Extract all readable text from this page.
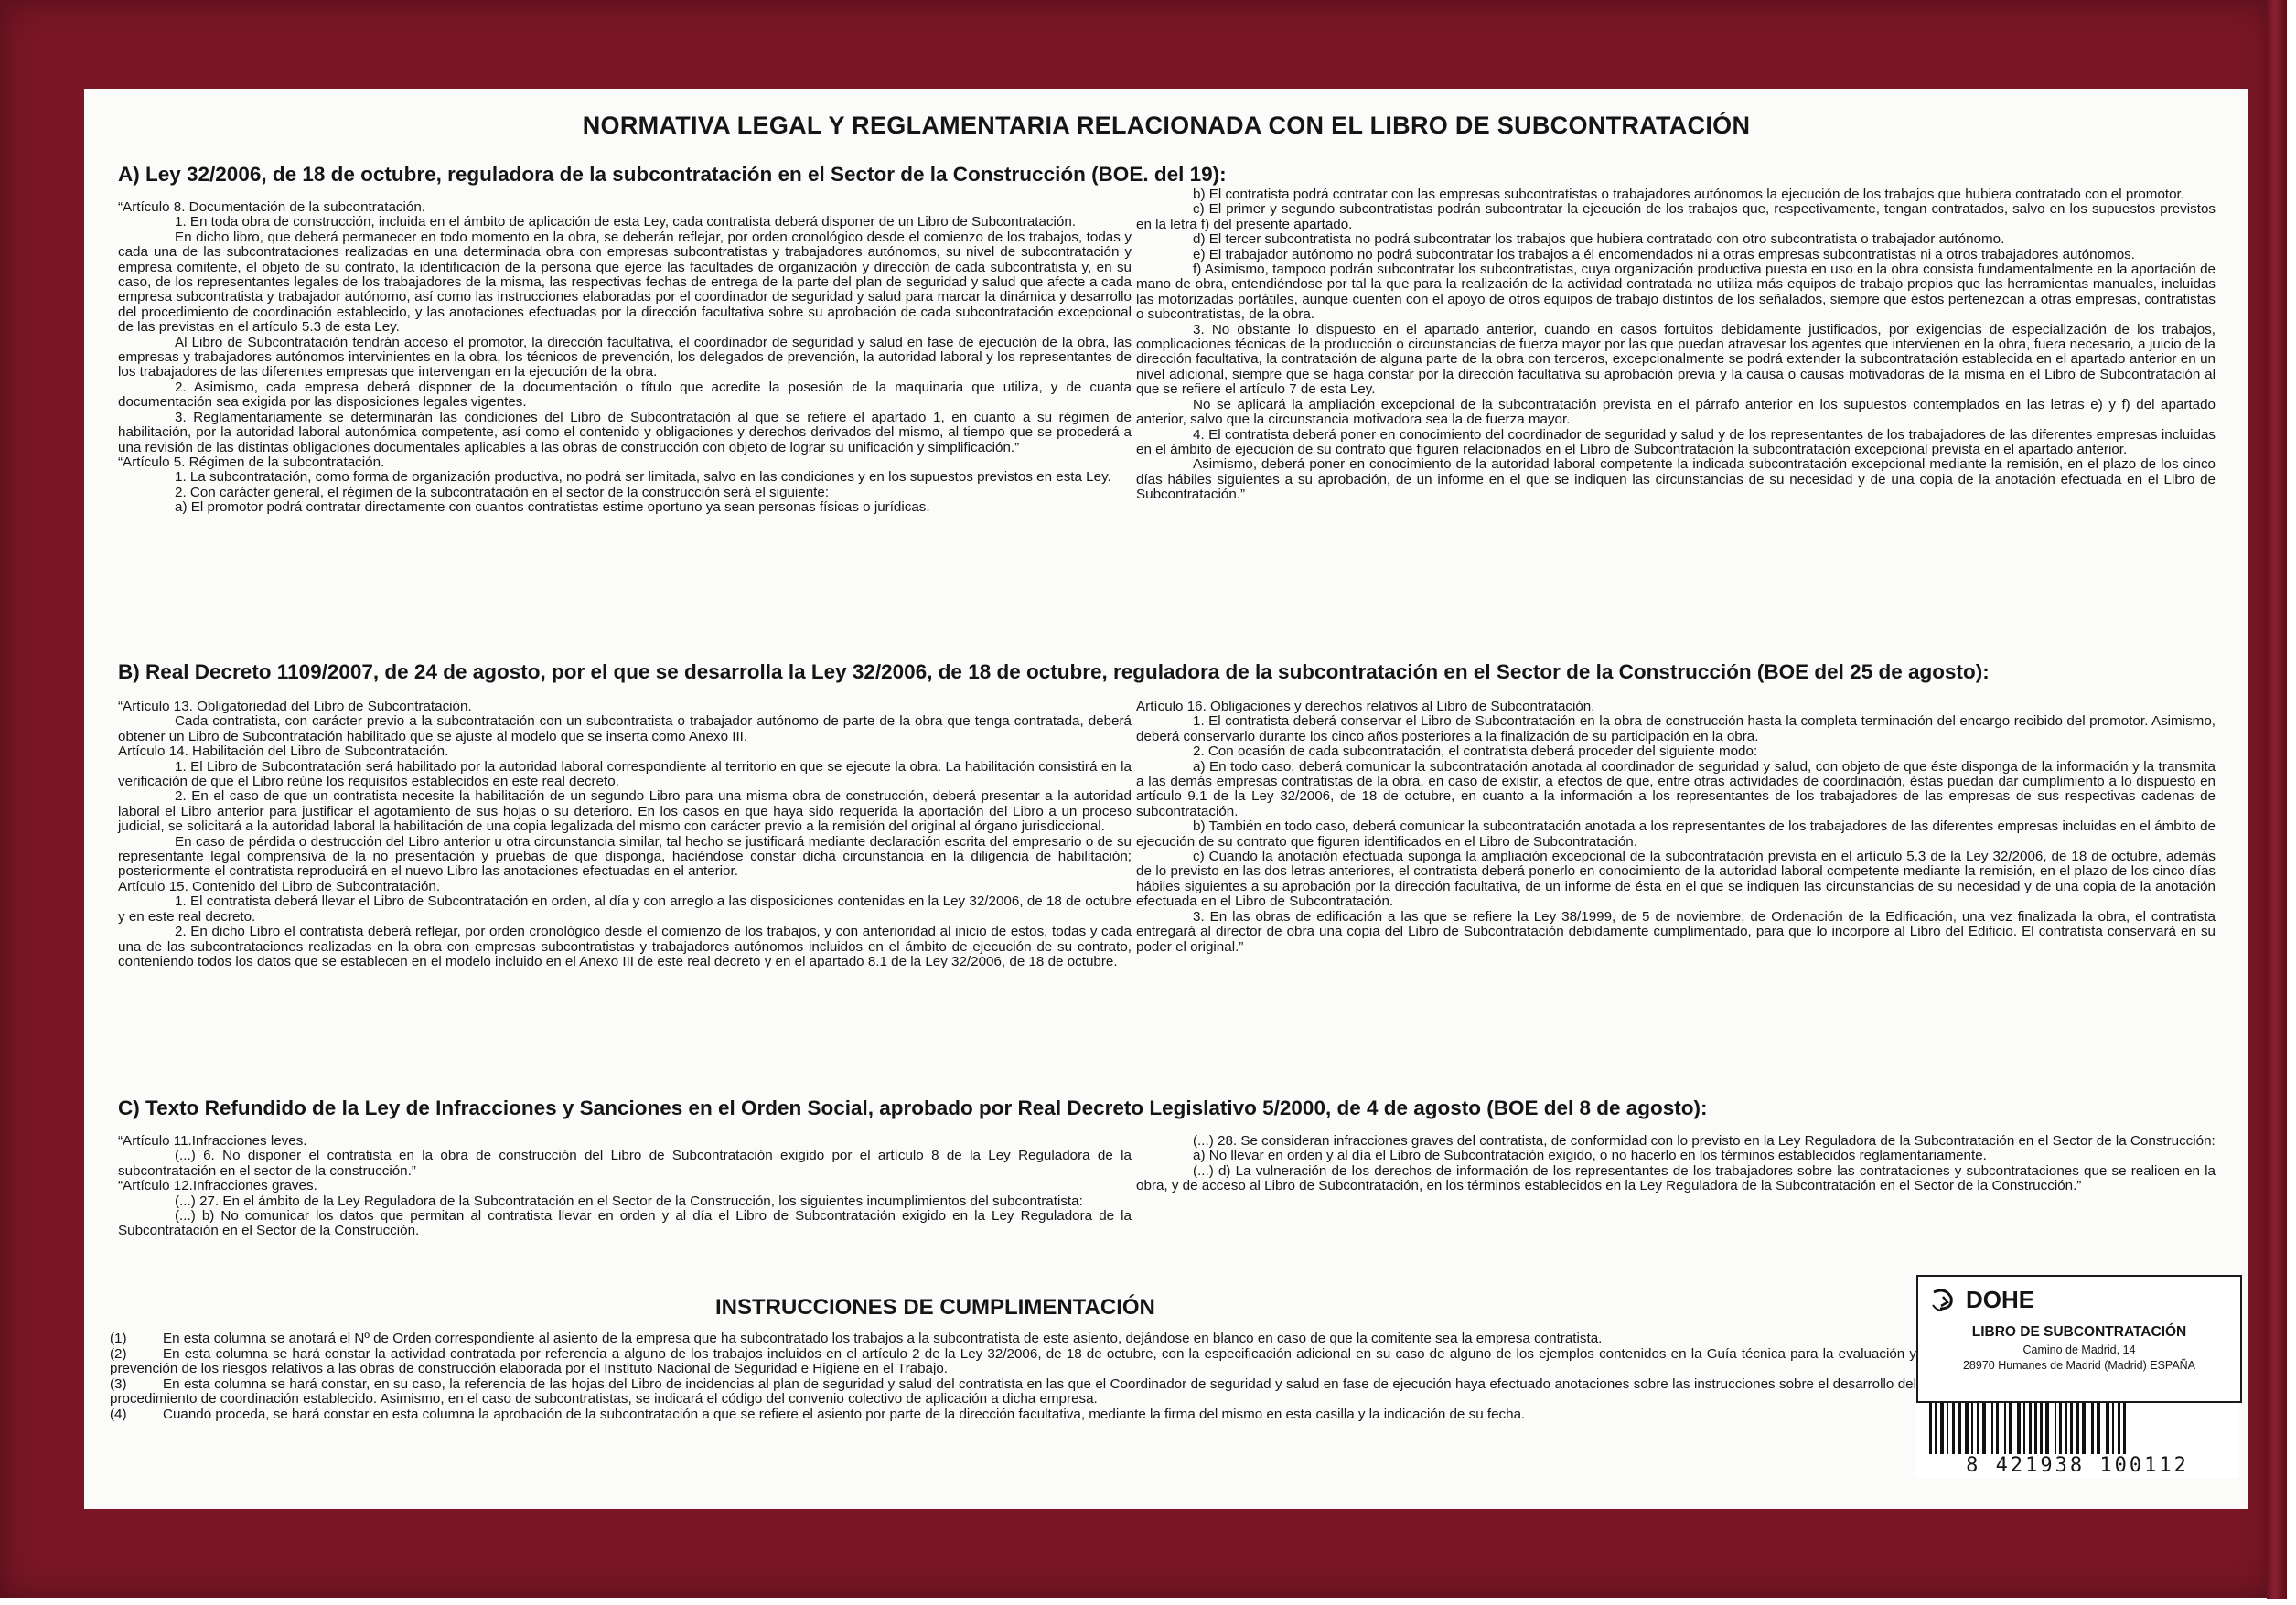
NORMATIVA LEGAL Y REGLAMENTARIA RELACIONADA CON EL LIBRO DE SUBCONTRATACIÓN
A) Ley 32/2006, de 18 de octubre, reguladora de la subcontratación en el Sector de la Construcción (BOE. del 19):

“Artículo 8. Documentación de la subcontratación.

1. En toda obra de construcción, incluida en el ámbito de aplicación de esta Ley, cada contratista deberá disponer de un Libro de Subcontratación.

En dicho libro, que deberá permanecer en todo momento en la obra, se deberán reflejar, por orden cronológico desde el comienzo de los trabajos, todas y cada una de las subcontrataciones realizadas en una determinada obra con empresas subcontratistas y trabajadores autónomos, su nivel de subcontratación y empresa comitente, el objeto de su contrato, la identificación de la persona que ejerce las facultades de organización y dirección de cada subcontratista y, en su caso, de los representantes legales de los trabajadores de la misma, las respectivas fechas de entrega de la parte del plan de seguridad y salud que afecte a cada empresa subcontratista y trabajador autónomo, así como las instrucciones elaboradas por el coordinador de seguridad y salud para marcar la dinámica y desarrollo del procedimiento de coordinación establecido, y las anotaciones efectuadas por la dirección facultativa sobre su aprobación de cada subcontratación excepcional de las previstas en el artículo 5.3 de esta Ley.

Al Libro de Subcontratación tendrán acceso el promotor, la dirección facultativa, el coordinador de seguridad y salud en fase de ejecución de la obra, las empresas y trabajadores autónomos intervinientes en la obra, los técnicos de prevención, los delegados de prevención, la autoridad laboral y los representantes de los trabajadores de las diferentes empresas que intervengan en la ejecución de la obra.

2. Asimismo, cada empresa deberá disponer de la documentación o título que acredite la posesión de la maquinaria que utiliza, y de cuanta documentación sea exigida por las disposiciones legales vigentes.

3. Reglamentariamente se determinarán las condiciones del Libro de Subcontratación al que se refiere el apartado 1, en cuanto a su régimen de habilitación, por la autoridad laboral autonómica competente, así como el contenido y obligaciones y derechos derivados del mismo, al tiempo que se procederá a una revisión de las distintas obligaciones documentales aplicables a las obras de construcción con objeto de lograr su unificación y simplificación.”

“Artículo 5. Régimen de la subcontratación.

1. La subcontratación, como forma de organización productiva, no podrá ser limitada, salvo en las condiciones y en los supuestos previstos en esta Ley.

2. Con carácter general, el régimen de la subcontratación en el sector de la construcción será el siguiente:

a) El promotor podrá contratar directamente con cuantos contratistas estime oportuno ya sean personas físicas o jurídicas.

b) El contratista podrá contratar con las empresas subcontratistas o trabajadores autónomos la ejecución de los trabajos que hubiera contratado con el promotor.

c) El primer y segundo subcontratistas podrán subcontratar la ejecución de los trabajos que, respectivamente, tengan contratados, salvo en los supuestos previstos en la letra f) del presente apartado.

d) El tercer subcontratista no podrá subcontratar los trabajos que hubiera contratado con otro subcontratista o trabajador autónomo.

e) El trabajador autónomo no podrá subcontratar los trabajos a él encomendados ni a otras empresas subcontratistas ni a otros trabajadores autónomos.

f) Asimismo, tampoco podrán subcontratar los subcontratistas, cuya organización productiva puesta en uso en la obra consista fundamentalmente en la aportación de mano de obra, entendiéndose por tal la que para la realización de la actividad contratada no utiliza más equipos de trabajo propios que las herramientas manuales, incluidas las motorizadas portátiles, aunque cuenten con el apoyo de otros equipos de trabajo distintos de los señalados, siempre que éstos pertenezcan a otras empresas, contratistas o subcontratistas, de la obra.

3. No obstante lo dispuesto en el apartado anterior, cuando en casos fortuitos debidamente justificados, por exigencias de especialización de los trabajos, complicaciones técnicas de la producción o circunstancias de fuerza mayor por las que puedan atravesar los agentes que intervienen en la obra, fuera necesario, a juicio de la dirección facultativa, la contratación de alguna parte de la obra con terceros, excepcionalmente se podrá extender la subcontratación establecida en el apartado anterior en un nivel adicional, siempre que se haga constar por la dirección facultativa su aprobación previa y la causa o causas motivadoras de la misma en el Libro de Subcontratación al que se refiere el artículo 7 de esta Ley.

No se aplicará la ampliación excepcional de la subcontratación prevista en el párrafo anterior en los supuestos contemplados en las letras e) y f) del apartado anterior, salvo que la circunstancia motivadora sea la de fuerza mayor.

4. El contratista deberá poner en conocimiento del coordinador de seguridad y salud y de los representantes de los trabajadores de las diferentes empresas incluidas en el ámbito de ejecución de su contrato que figuren relacionados en el Libro de Subcontratación la subcontratación excepcional prevista en el apartado anterior.

Asimismo, deberá poner en conocimiento de la autoridad laboral competente la indicada subcontratación excepcional mediante la remisión, en el plazo de los cinco días hábiles siguientes a su aprobación, de un informe en el que se indiquen las circunstancias de su necesidad y de una copia de la anotación efectuada en el Libro de Subcontratación.”

B) Real Decreto 1109/2007, de 24 de agosto, por el que se desarrolla la Ley 32/2006, de 18 de octubre, reguladora de la subcontratación en el Sector de la Construcción (BOE del 25 de agosto):

“Artículo 13. Obligatoriedad del Libro de Subcontratación.

Cada contratista, con carácter previo a la subcontratación con un subcontratista o trabajador autónomo de parte de la obra que tenga contratada, deberá obtener un Libro de Subcontratación habilitado que se ajuste al modelo que se inserta como Anexo III.

Artículo 14. Habilitación del Libro de Subcontratación.

1. El Libro de Subcontratación será habilitado por la autoridad laboral correspondiente al territorio en que se ejecute la obra. La habilitación consistirá en la verificación de que el Libro reúne los requisitos establecidos en este real decreto.

2. En el caso de que un contratista necesite la habilitación de un segundo Libro para una misma obra de construcción, deberá presentar a la autoridad laboral el Libro anterior para justificar el agotamiento de sus hojas o su deterioro. En los casos en que haya sido requerida la aportación del Libro a un proceso judicial, se solicitará a la autoridad laboral la habilitación de una copia legalizada del mismo con carácter previo a la remisión del original al órgano jurisdiccional.

En caso de pérdida o destrucción del Libro anterior u otra circunstancia similar, tal hecho se justificará mediante declaración escrita del empresario o de su representante legal comprensiva de la no presentación y pruebas de que disponga, haciéndose constar dicha circunstancia en la diligencia de habilitación; posteriormente el contratista reproducirá en el nuevo Libro las anotaciones efectuadas en el anterior.

Artículo 15. Contenido del Libro de Subcontratación.

1. El contratista deberá llevar el Libro de Subcontratación en orden, al día y con arreglo a las disposiciones contenidas en la Ley 32/2006, de 18 de octubre y en este real decreto.

2. En dicho Libro el contratista deberá reflejar, por orden cronológico desde el comienzo de los trabajos, y con anterioridad al inicio de estos, todas y cada una de las subcontrataciones realizadas en la obra con empresas subcontratistas y trabajadores autónomos incluidos en el ámbito de ejecución de su contrato, conteniendo todos los datos que se establecen en el modelo incluido en el Anexo III de este real decreto y en el apartado 8.1 de la Ley 32/2006, de 18 de octubre.

Artículo 16. Obligaciones y derechos relativos al Libro de Subcontratación.

1. El contratista deberá conservar el Libro de Subcontratación en la obra de construcción hasta la completa terminación del encargo recibido del promotor. Asimismo, deberá conservarlo durante los cinco años posteriores a la finalización de su participación en la obra.

2. Con ocasión de cada subcontratación, el contratista deberá proceder del siguiente modo:

a) En todo caso, deberá comunicar la subcontratación anotada al coordinador de seguridad y salud, con objeto de que éste disponga de la información y la transmita a las demás empresas contratistas de la obra, en caso de existir, a efectos de que, entre otras actividades de coordinación, éstas puedan dar cumplimiento a lo dispuesto en artículo 9.1 de la Ley 32/2006, de 18 de octubre, en cuanto a la información a los representantes de los trabajadores de las empresas de sus respectivas cadenas de subcontratación.

b) También en todo caso, deberá comunicar la subcontratación anotada a los representantes de los trabajadores de las diferentes empresas incluidas en el ámbito de ejecución de su contrato que figuren identificados en el Libro de Subcontratación.

c) Cuando la anotación efectuada suponga la ampliación excepcional de la subcontratación prevista en el artículo 5.3 de la Ley 32/2006, de 18 de octubre, además de lo previsto en las dos letras anteriores, el contratista deberá ponerlo en conocimiento de la autoridad laboral competente mediante la remisión, en el plazo de los cinco días hábiles siguientes a su aprobación por la dirección facultativa, de un informe de ésta en el que se indiquen las circunstancias de su necesidad y de una copia de la anotación efectuada en el Libro de Subcontratación.

3. En las obras de edificación a las que se refiere la Ley 38/1999, de 5 de noviembre, de Ordenación de la Edificación, una vez finalizada la obra, el contratista entregará al director de obra una copia del Libro de Subcontratación debidamente cumplimentado, para que lo incorpore al Libro del Edificio. El contratista conservará en su poder el original.”

C) Texto Refundido de la Ley de Infracciones y Sanciones en el Orden Social, aprobado por Real Decreto Legislativo 5/2000, de 4 de agosto (BOE del 8 de agosto):

“Artículo 11.Infracciones leves.

(...) 6. No disponer el contratista en la obra de construcción del Libro de Subcontratación exigido por el artículo 8 de la Ley Reguladora de la subcontratación en el sector de la construcción.”

“Artículo 12.Infracciones graves.

(...) 27. En el ámbito de la Ley Reguladora de la Subcontratación en el Sector de la Construcción, los siguientes incumplimientos del subcontratista:

(...) b) No comunicar los datos que permitan al contratista llevar en orden y al día el Libro de Subcontratación exigido en la Ley Reguladora de la Subcontratación en el Sector de la Construcción.

(...) 28. Se consideran infracciones graves del contratista, de conformidad con lo previsto en la Ley Reguladora de la Subcontratación en el Sector de la Construcción:

a) No llevar en orden y al día el Libro de Subcontratación exigido, o no hacerlo en los términos establecidos reglamentariamente.

(...) d) La vulneración de los derechos de información de los representantes de los trabajadores sobre las contrataciones y subcontrataciones que se realicen en la obra, y de acceso al Libro de Subcontratación, en los términos establecidos en la Ley Reguladora de la Subcontratación en el Sector de la Construcción.”

INSTRUCCIONES DE CUMPLIMENTACIÓN
(1)	En esta columna se anotará el Nº de Orden correspondiente al asiento de la empresa que ha subcontratado los trabajos a la subcontratista de este asiento, dejándose en blanco en caso de que la comitente sea la empresa contratista.
(2)	En esta columna se hará constar la actividad contratada por referencia a alguno de los trabajos incluidos en el artículo 2 de la Ley 32/2006, de 18 de octubre, con la especificación adicional en su caso de alguno de los ejemplos contenidos en la Guía técnica para la evaluación y prevención de los riesgos relativos a las obras de construcción elaborada por el Instituto Nacional de Seguridad e Higiene en el Trabajo.
(3)	En esta columna se hará constar, en su caso, la referencia de las hojas del Libro de incidencias al plan de seguridad y salud del contratista en las que el Coordinador de seguridad y salud en fase de ejecución haya efectuado anotaciones sobre las instrucciones sobre el desarrollo del procedimiento de coordinación establecido. Asimismo, en el caso de subcontratistas, se indicará el código del convenio colectivo de aplicación a dicha empresa.
(4)	Cuando proceda, se hará constar en esta columna la aprobación de la subcontratación a que se refiere el asiento por parte de la dirección facultativa, mediante la firma del mismo en esta casilla y la indicación de su fecha.
DOHE
LIBRO DE SUBCONTRATACIÓN
Camino de Madrid, 14
28970 Humanes de Madrid (Madrid) ESPAÑA
8 421938 100112
